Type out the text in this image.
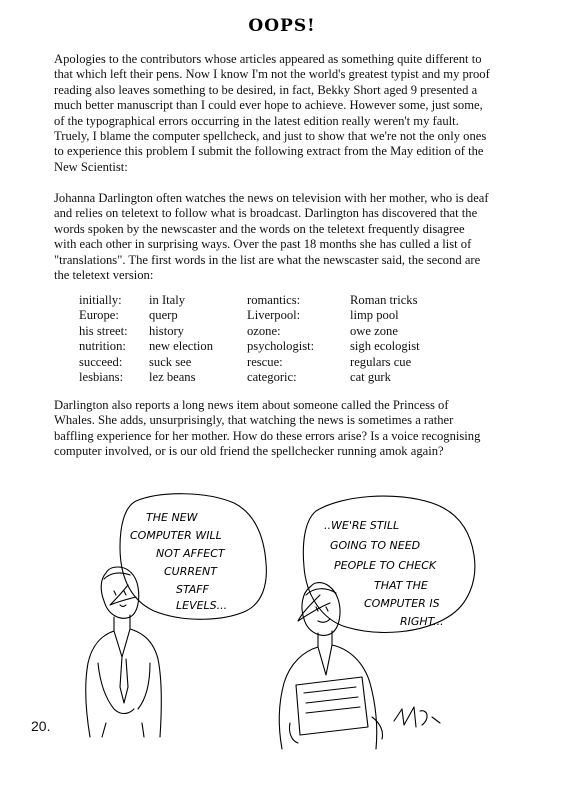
OOPS!

Apologies to the contributors whose articles appeared as something quite different to that which left their pens. Now I know I'm not the world's greatest typist and my proof reading also leaves something to be desired, in fact, Bekky Short aged 9 presented a much better manuscript than I could ever hope to achieve. However some, just some, of the typographical errors occurring in the latest edition really weren't my fault. Truely, I blame the computer spellcheck, and just to show that we're not the only ones to experience this problem I submit the following extract from the May edition of the New Scientist:

Johanna Darlington often watches the news on television with her mother, who is deaf and relies on teletext to follow what is broadcast. Darlington has discovered that the words spoken by the newscaster and the words on the teletext frequently disagree with each other in surprising ways. Over the past 18 months she has culled a list of "translations". The first words in the list are what the newscaster said, the second are the teletext version:

initially:	in Italy	romantics:	Roman tricks
Europe:	querp	Liverpool:	limp pool
his street:	history	ozone:	owe zone
nutrition:	new election	psychologist:	sigh ecologist
succeed:	suck see	rescue:	regulars cue
lesbians:	lez beans	categoric:	cat gurk

Darlington also reports a long news item about someone called the Princess of Whales. She adds, unsurprisingly, that watching the news is sometimes a rather baffling experience for her mother. How do these errors arise? Is a voice recognising computer involved, or is our old friend the spellchecker running amok again?

THE NEW
COMPUTER WILL
NOT AFFECT
CURRENT
STAFF
LEVELS...
..WE'RE STILL
GOING TO NEED
PEOPLE TO CHECK
THAT THE
COMPUTER IS
RIGHT...
20.
